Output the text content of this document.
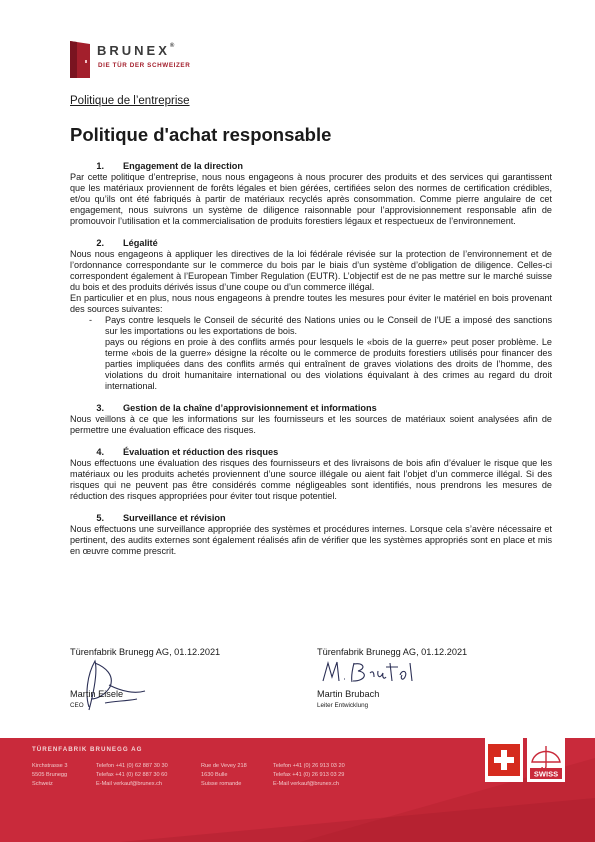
BRUNEX®
DIE TÜR DER SCHWEIZER
Politique de l’entreprise
Politique d'achat responsable
1. Engagement de la direction

Par cette politique d’entreprise, nous nous engageons à nous procurer des produits et des services qui garantissent que les matériaux proviennent de forêts légales et bien gérées, certifiées selon des normes de certification crédibles, et/ou qu’ils ont été fabriqués à partir de matériaux recyclés après consommation. Comme pierre angulaire de cet engagement, nous suivrons un système de diligence raisonnable pour l’approvisionnement responsable afin de promouvoir l’utilisation et la commercialisation de produits forestiers légaux et respectueux de l’environnement.

2. Légalité

Nous nous engageons à appliquer les directives de la loi fédérale révisée sur la protection de l’environnement et de l’ordonnance correspondante sur le commerce du bois par le biais d’un système d’obligation de diligence. Celles-ci correspondent également à l’European Timber Regulation (EUTR). L’objectif est de ne pas mettre sur le marché suisse du bois et des produits dérivés issus d’une coupe ou d’un commerce illégal.

En particulier et en plus, nous nous engageons à prendre toutes les mesures pour éviter le matériel en bois provenant des sources suivantes:

- Pays contre lesquels le Conseil de sécurité des Nations unies ou le Conseil de l’UE a imposé des sanctions sur les importations ou les exportations de bois.
pays ou régions en proie à des conflits armés pour lesquels le «bois de la guerre» peut poser problème. Le terme «bois de la guerre» désigne la récolte ou le commerce de produits forestiers utilisés pour financer des parties impliquées dans des conflits armés qui entraînent de graves violations des droits de l’homme, des violations du droit humanitaire international ou des violations équivalant à des crimes au regard du droit international.
3. Gestion de la chaîne d’approvisionnement et informations

Nous veillons à ce que les informations sur les fournisseurs et les sources de matériaux soient analysées afin de permettre une évaluation efficace des risques.

4. Évaluation et réduction des risques

Nous effectuons une évaluation des risques des fournisseurs et des livraisons de bois afin d’évaluer le risque que les matériaux ou les produits achetés proviennent d’une source illégale ou aient fait l’objet d’un commerce illégal. Si des risques qui ne peuvent pas être considérés comme négligeables sont identifiés, nous prendrons les mesures de réduction des risques appropriées pour éviter tout risque potentiel.

5. Surveillance et révision

Nous effectuons une surveillance appropriée des systèmes et procédures internes. Lorsque cela s’avère nécessaire et pertinent, des audits externes sont également réalisés afin de vérifier que les systèmes appropriés sont en place et mis en œuvre comme prescrit.

Türenfabrik Brunegg AG, 01.12.2021
Martin Eisele
CEO
Türenfabrik Brunegg AG, 01.12.2021
Martin Brubach
Leiter Entwicklung
TÜRENFABRIK BRUNEGG AG
Kirchstrasse 3
5505 Brunegg
Schweiz
Telefon +41 (0) 62 887 30 30
Telefax +41 (0) 62 887 30 60
E-Mail verkauf@brunex.ch
Rue de Vevey 218
1630 Bulle
Suisse romande
Telefon +41 (0) 26 913 03 20
Telefax +41 (0) 26 913 03 29
E-Mail verkauf@brunex.ch
SWISS
